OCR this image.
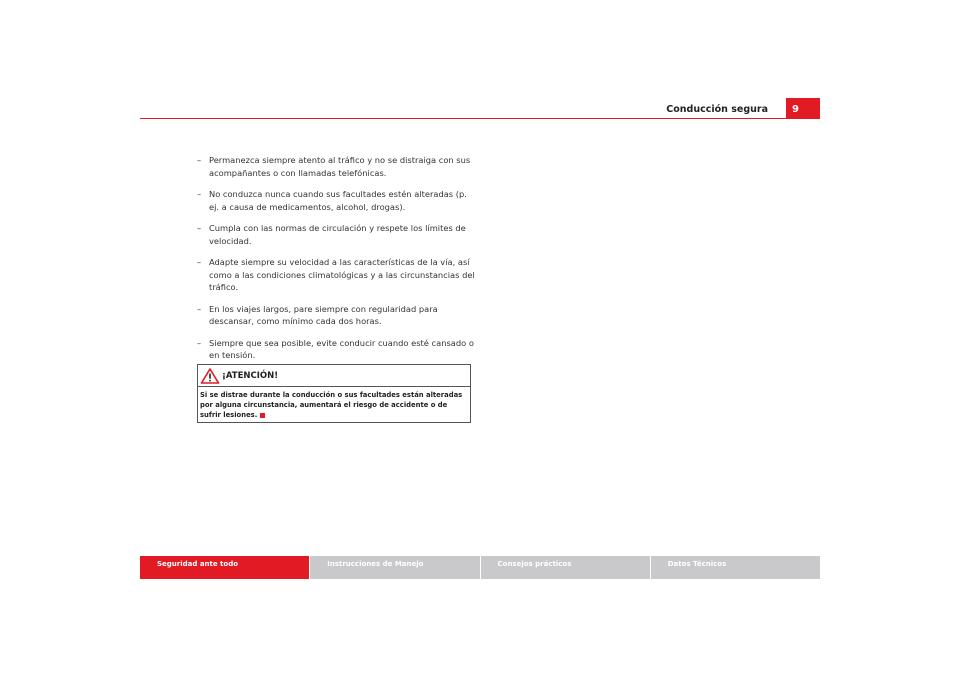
Conducción segura	9
– Permanezca siempre atento al tráfico y no se distraiga con sus acompañantes o con llamadas telefónicas.
– No conduzca nunca cuando sus facultades estén alteradas (p. ej. a causa de medicamentos, alcohol, drogas).
– Cumpla con las normas de circulación y respete los límites de velocidad.
– Adapte siempre su velocidad a las características de la vía, así como a las condiciones climatológicas y a las circunstancias del tráfico.
– En los viajes largos, pare siempre con regularidad para descansar, como mínimo cada dos horas.
– Siempre que sea posible, evite conducir cuando esté cansado o en tensión.
¡ATENCIÓN!
Si se distrae durante la conducción o sus facultades están alteradas por alguna circunstancia, aumentará el riesgo de accidente o de sufrir lesiones.
Seguridad ante todo	Instrucciones de Manejo	Consejos prácticos	Datos Técnicos
